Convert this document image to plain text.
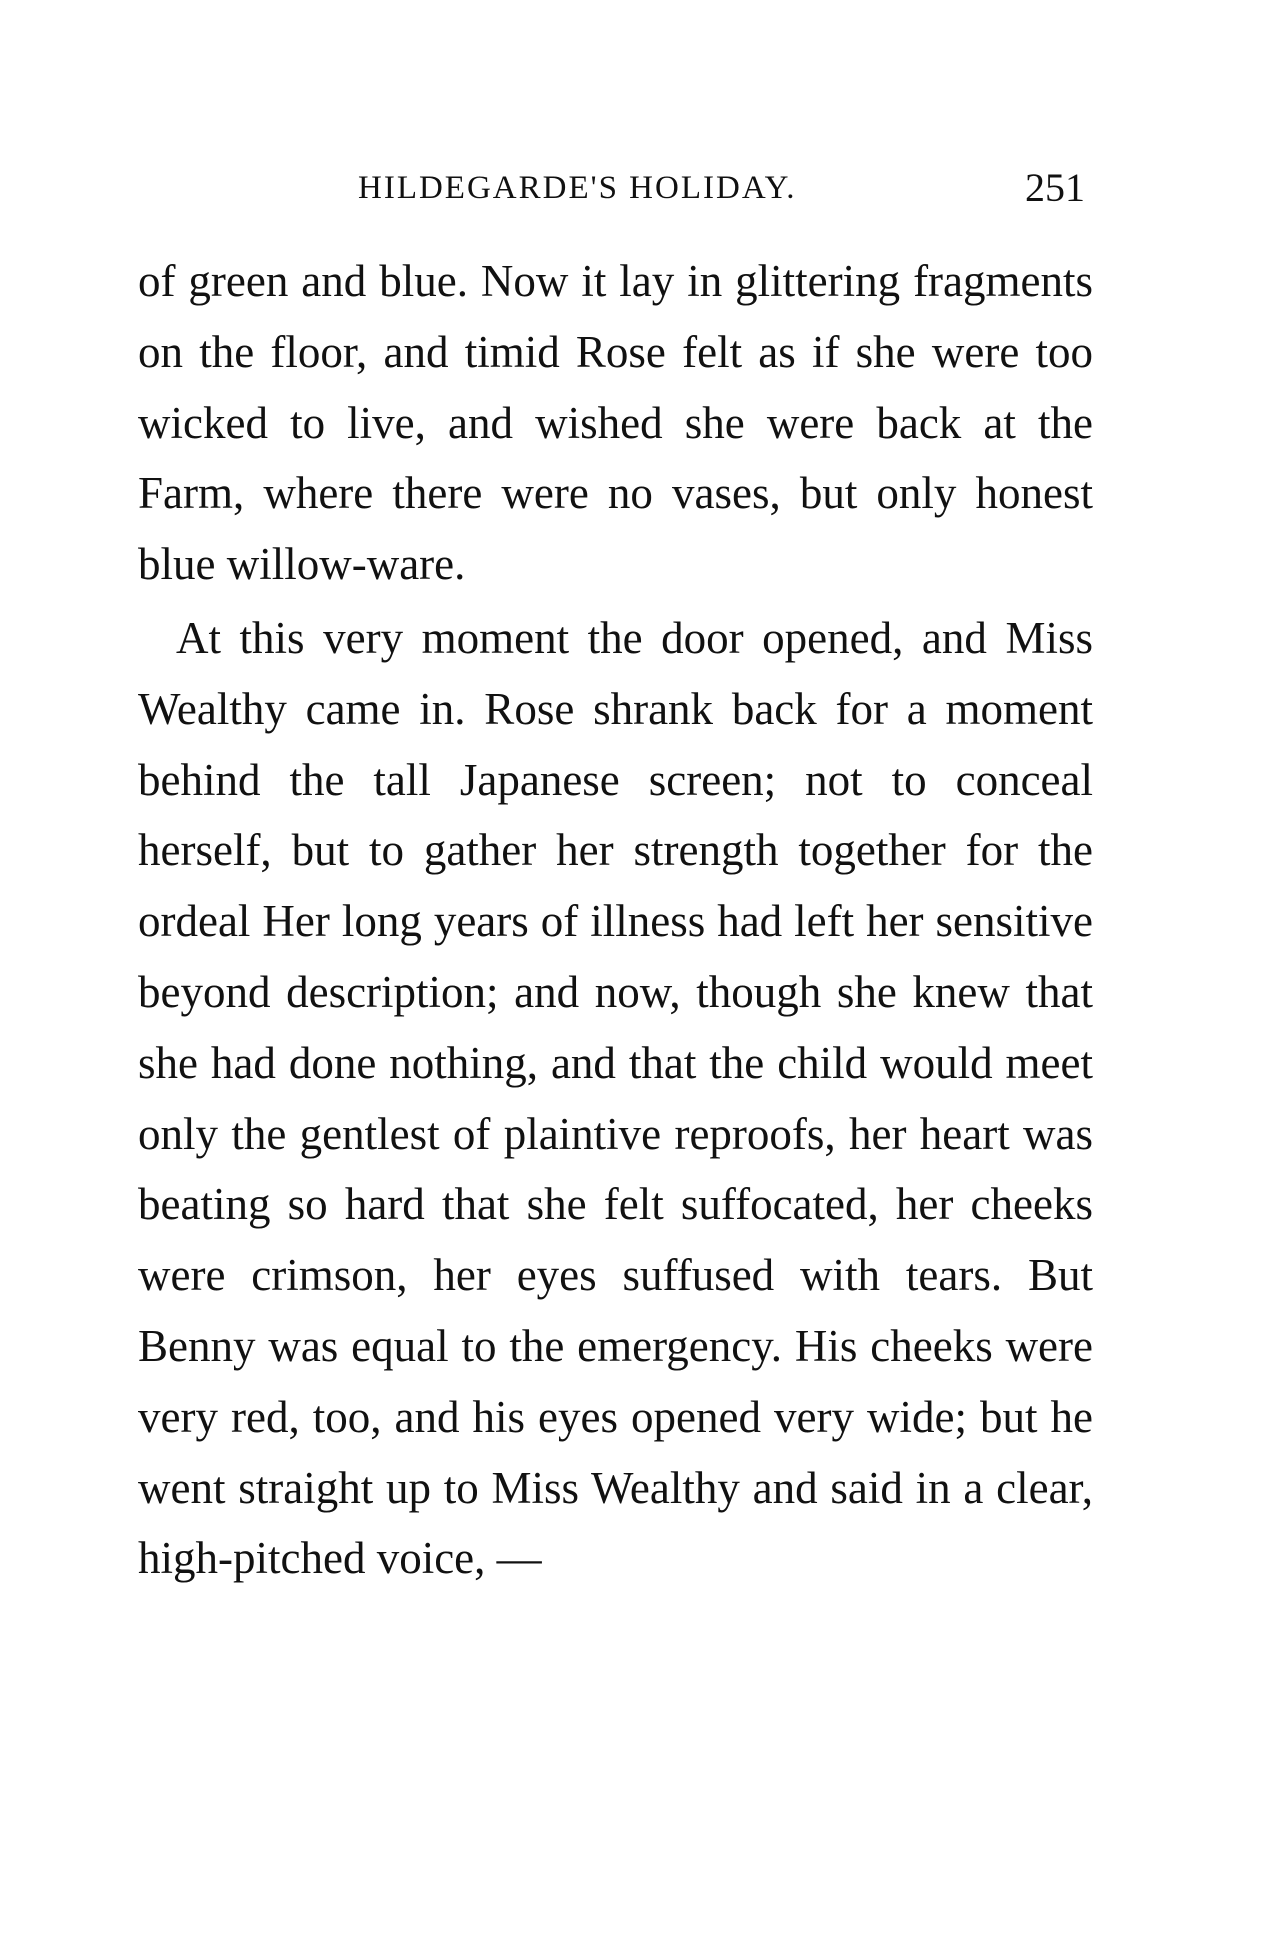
HILDEGARDE'S HOLIDAY.	251

of green and blue. Now it lay in glittering fragments on the floor, and timid Rose felt as if she were too wicked to live, and wished she were back at the Farm, where there were no vases, but only honest blue willow-ware.

At this very moment the door opened, and Miss Wealthy came in. Rose shrank back for a moment behind the tall Japanese screen; not to conceal herself, but to gather her strength together for the ordeal Her long years of illness had left her sensitive beyond description; and now, though she knew that she had done nothing, and that the child would meet only the gentlest of plaintive reproofs, her heart was beating so hard that she felt suffocated, her cheeks were crimson, her eyes suffused with tears. But Benny was equal to the emergency. His cheeks were very red, too, and his eyes opened very wide; but he went straight up to Miss Wealthy and said in a clear, high-pitched voice, —
